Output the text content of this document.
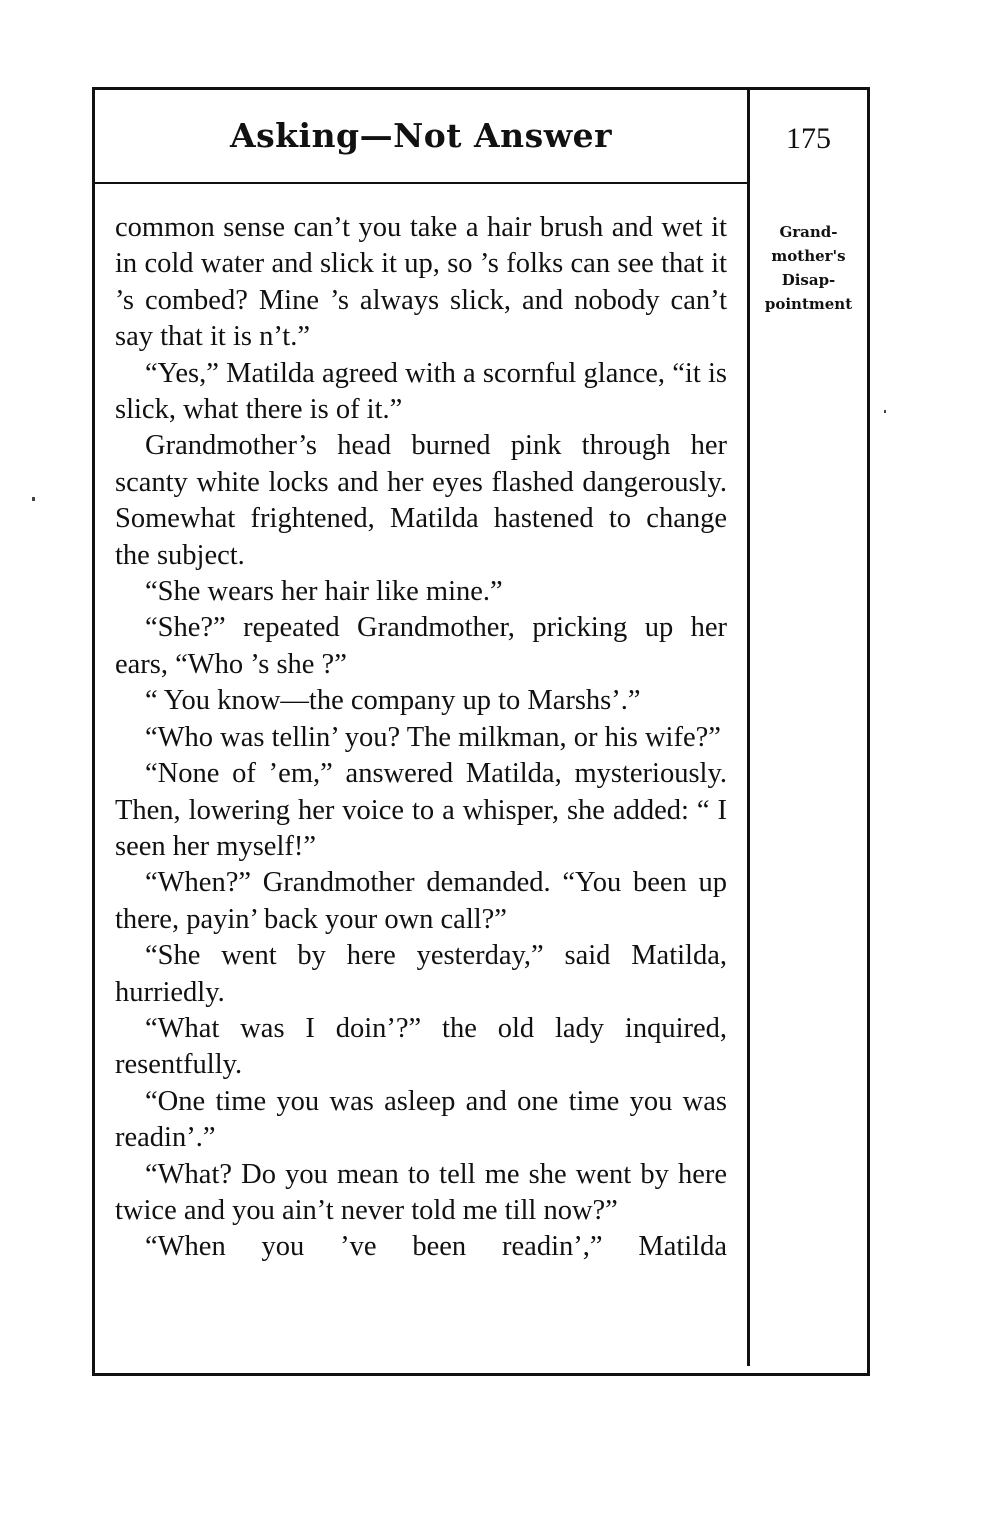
Asking—Not Answer	175
Grand-
mother's
Disap-
pointment

common sense can’t you take a hair brush and wet it in cold water and slick it up, so ’s folks can see that it ’s combed? Mine ’s always slick, and nobody can’t say that it is n’t.”

“Yes,” Matilda agreed with a scornful glance, “it is slick, what there is of it.”

Grandmother’s head burned pink through her scanty white locks and her eyes flashed dangerously. Somewhat frightened, Matilda hastened to change the subject.

“She wears her hair like mine.”

“She?” repeated Grandmother, pricking up her ears, “Who ’s she ?”

“ You know—the company up to Marshs’.”

“Who was tellin’ you? The milkman, or his wife?”

“None of ’em,” answered Matilda, mysteriously. Then, lowering her voice to a whisper, she added: “ I seen her myself!”

“When?” Grandmother demanded. “You been up there, payin’ back your own call?”

“She went by here yesterday,” said Matilda, hurriedly.

“What was I doin’?” the old lady inquired, resentfully.

“One time you was asleep and one time you was readin’.”

“What? Do you mean to tell me she went by here twice and you ain’t never told me till now?”

“When you ’ve been readin’,” Matilda
